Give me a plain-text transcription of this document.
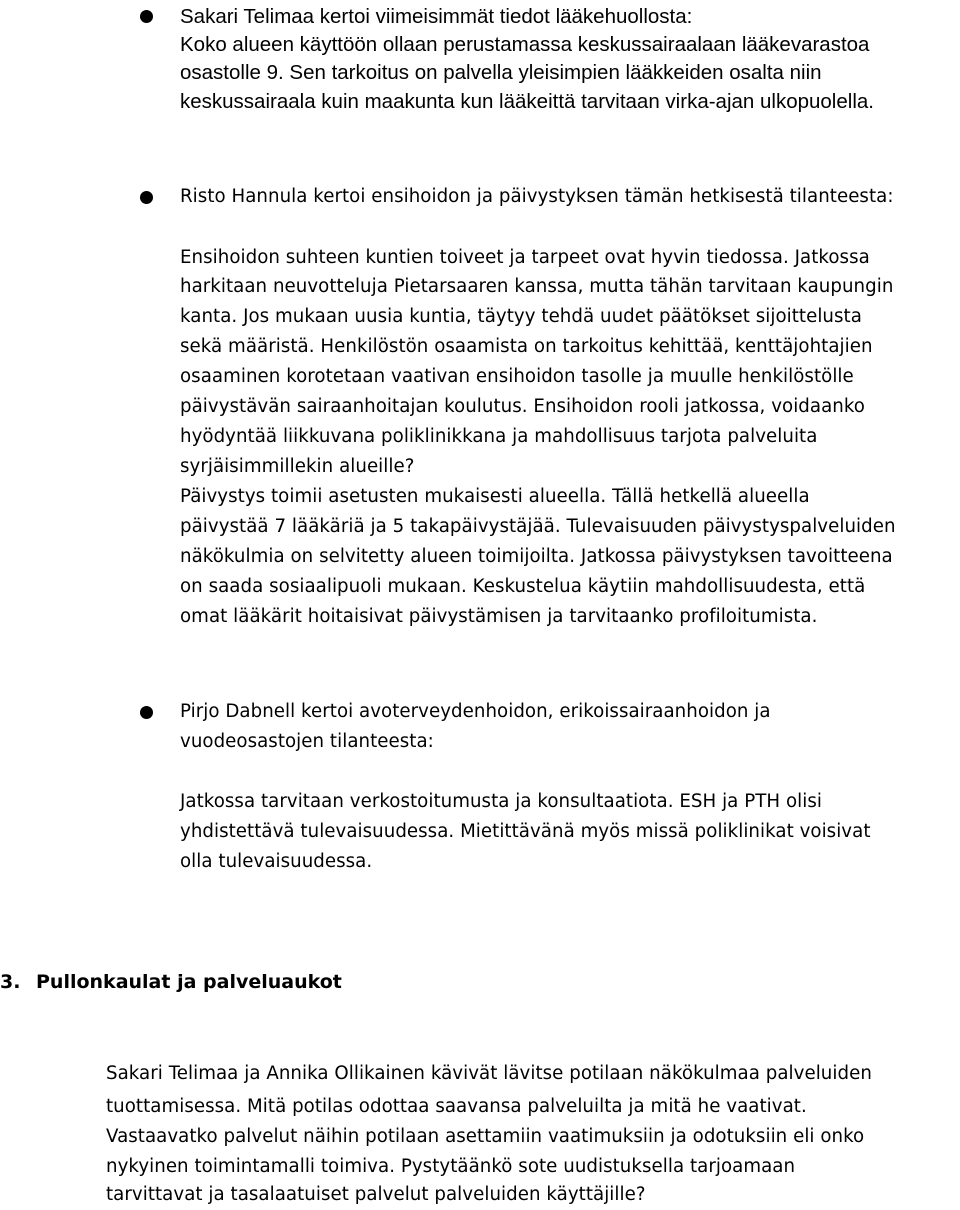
Sakari Telimaa kertoi viimeisimmät tiedot lääkehuollosta:
Koko alueen käyttöön ollaan perustamassa keskussairaalaan lääkevarastoa
osastolle 9. Sen tarkoitus on palvella yleisimpien lääkkeiden osalta niin
keskussairaala kuin maakunta kun lääkeittä tarvitaan virka-ajan ulkopuolella.
Risto Hannula kertoi ensihoidon ja päivystyksen tämän hetkisestä tilanteesta:
Ensihoidon suhteen kuntien toiveet ja tarpeet ovat hyvin tiedossa. Jatkossa
harkitaan neuvotteluja Pietarsaaren kanssa, mutta tähän tarvitaan kaupungin
kanta. Jos mukaan uusia kuntia, täytyy tehdä uudet päätökset sijoittelusta
sekä määristä. Henkilöstön osaamista on tarkoitus kehittää, kenttäjohtajien
osaaminen korotetaan vaativan ensihoidon tasolle ja muulle henkilöstölle
päivystävän sairaanhoitajan koulutus. Ensihoidon rooli jatkossa, voidaanko
hyödyntää liikkuvana poliklinikkana ja mahdollisuus tarjota palveluita
syrjäisimmillekin alueille?
Päivystys toimii asetusten mukaisesti alueella. Tällä hetkellä alueella
päivystää 7 lääkäriä ja 5 takapäivystäjää. Tulevaisuuden päivystyspalveluiden
näkökulmia on selvitetty alueen toimijoilta. Jatkossa päivystyksen tavoitteena
on saada sosiaalipuoli mukaan. Keskustelua käytiin mahdollisuudesta, että
omat lääkärit hoitaisivat päivystämisen ja tarvitaanko profiloitumista.
Pirjo Dabnell kertoi avoterveydenhoidon, erikoissairaanhoidon ja
vuodeosastojen tilanteesta:
Jatkossa tarvitaan verkostoitumusta ja konsultaatiota. ESH ja PTH olisi
yhdistettävä tulevaisuudessa. Mietittävänä myös missä poliklinikat voisivat
olla tulevaisuudessa.
3. Pullonkaulat ja palveluaukot
Sakari Telimaa ja Annika Ollikainen kävivät lävitse potilaan näkökulmaa palveluiden
tuottamisessa. Mitä potilas odottaa saavansa palveluilta ja mitä he vaativat.
Vastaavatko palvelut näihin potilaan asettamiin vaatimuksiin ja odotuksiin eli onko
nykyinen toimintamalli toimiva. Pystytäänkö sote uudistuksella tarjoamaan
tarvittavat ja tasalaatuiset palvelut palveluiden käyttäjille?
